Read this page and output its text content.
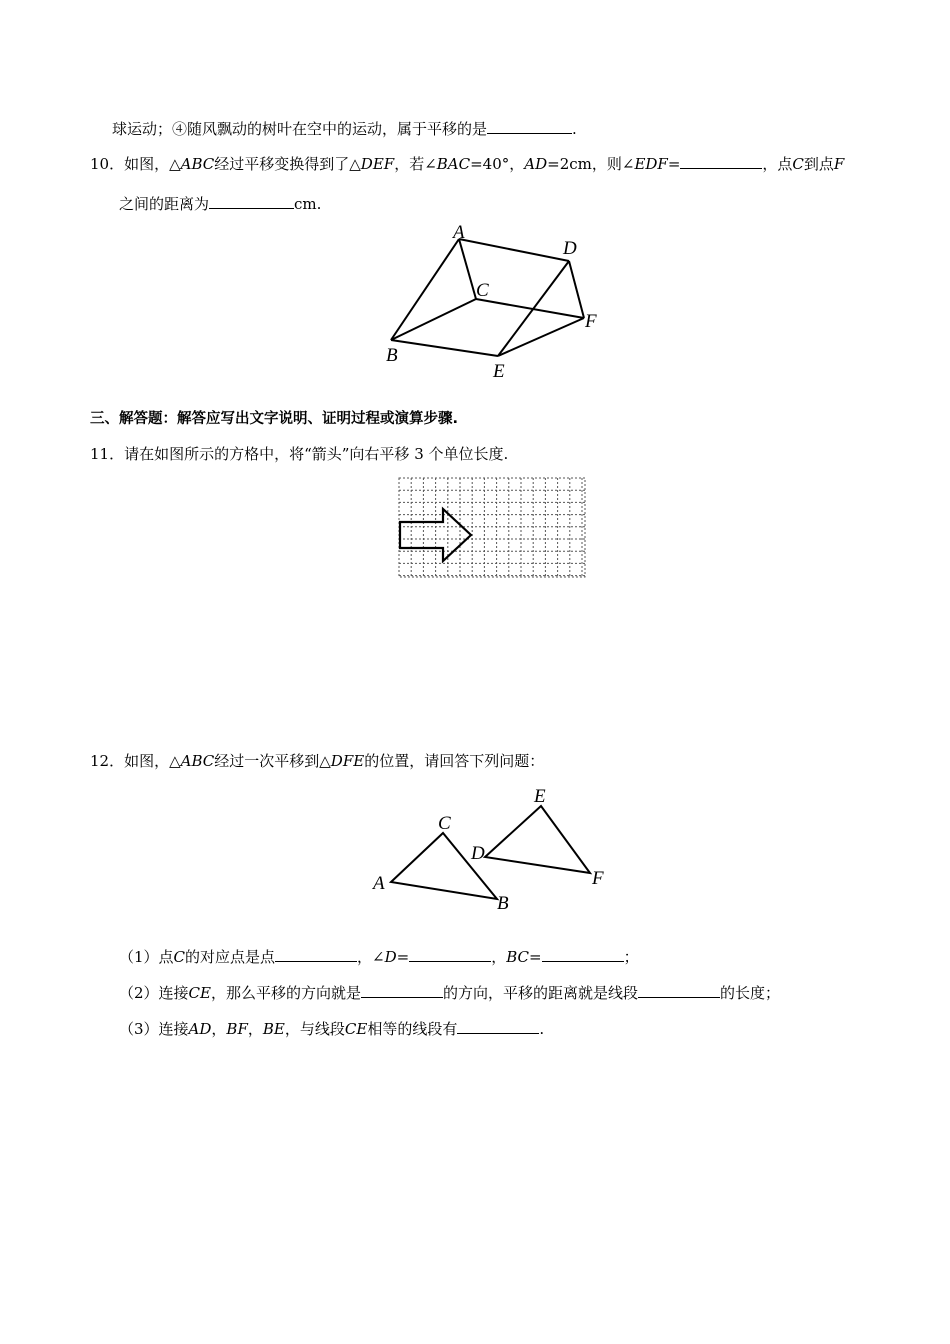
球运动；④随风飘动的树叶在空中的运动，属于平移的是	.
10．如图，△ABC经过平移变换得到了△DEF，若∠BAC=40°，AD=2cm，则∠EDF=	，点C到点F
之间的距离为	cm.
A
B
C
D
E
F
三、解答题：解答应写出文字说明、证明过程或演算步骤.
11．请在如图所示的方格中，将“箭头”向右平移 3 个单位长度.
12．如图，△ABC经过一次平移到△DFE的位置，请回答下列问题：
A
B
C
D
E
F
（1）点C的对应点是点	，∠D=	，BC=	；
（2）连接CE，那么平移的方向就是	的方向，平移的距离就是线段	的长度；
（3）连接AD，BF，BE，与线段CE相等的线段有	.
